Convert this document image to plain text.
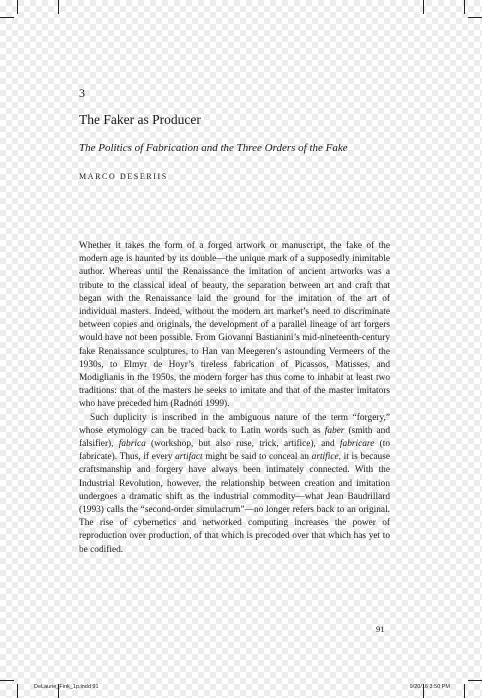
3
The Faker as Producer
The Politics of Fabrication and the Three Orders of the Fake
MARCO DESERIIS

Whether it takes the form of a forged artwork or manuscript, the fake of the modern age is haunted by its double—the unique mark of a supposedly inimitable author. Whereas until the Renaissance the imitation of ancient artworks was a tribute to the classical ideal of beauty, the separation between art and craft that began with the Renaissance laid the ground for the imitation of the art of individual masters. Indeed, without the modern art market’s need to discriminate between copies and originals, the development of a parallel lineage of art forgers would have not been possible. From Giovanni Bastianini’s mid-nineteenth-century fake Renaissance sculptures, to Han van Meegeren’s astounding Vermeers of the 1930s, to Elmyr de Hoyr’s tireless fabrication of Picassos, Matisses, and Modiglianis in the 1950s, the modern forger has thus come to inhabit at least two traditions: that of the masters he seeks to imitate and that of the master imitators who have preceded him (Radnóti 1999).

Such duplicity is inscribed in the ambiguous nature of the term “forgery,” whose etymology can be traced back to Latin words such as faber (smith and falsifier), fabrica (workshop, but also ruse, trick, artifice), and fabricare (to fabricate). Thus, if every artifact might be said to conceal an artifice, it is because craftsmanship and forgery have always been intimately connected. With the Industrial Revolution, however, the relationship between creation and imitation undergoes a dramatic shift as the industrial commodity—what Jean Baudrillard (1993) calls the “second-order simulacrum”—no longer refers back to an original. The rise of cybernetics and networked computing increases the power of reproduction over production, of that which is precoded over that which has yet to be codified.

91
DeLaurie_Fink_1p.indd 91	9/20/16 3:50 PM
